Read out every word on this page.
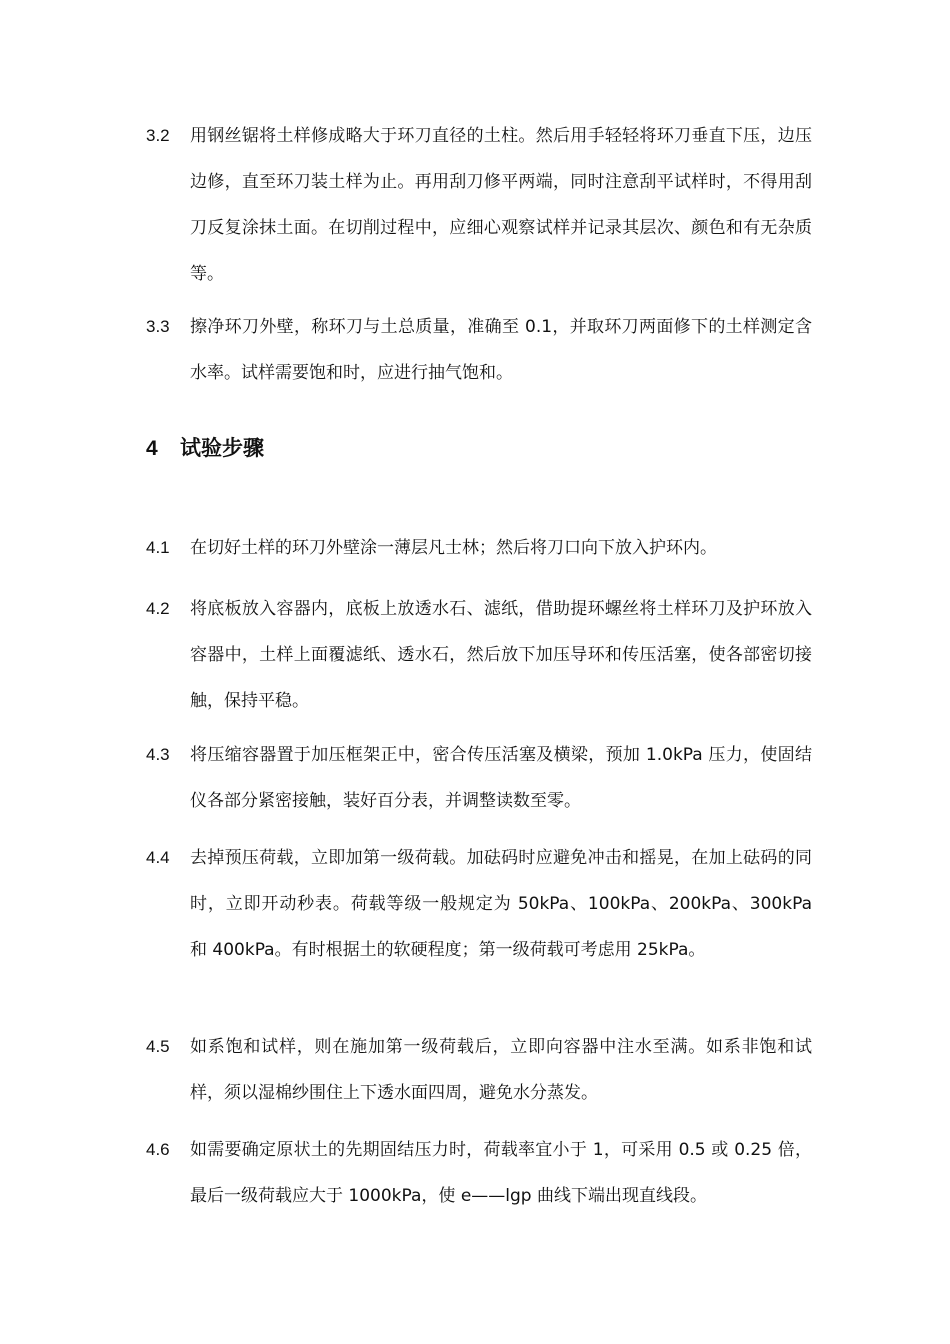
3.2	用钢丝锯将土样修成略大于环刀直径的土柱。然后用手轻轻将环刀垂直下压，边压边修，直至环刀装土样为止。再用刮刀修平两端，同时注意刮平试样时，不得用刮刀反复涂抹土面。在切削过程中，应细心观察试样并记录其层次、颜色和有无杂质等。
3.3	擦净环刀外壁，称环刀与土总质量，准确至 0.1，并取环刀两面修下的土样测定含水率。试样需要饱和时，应进行抽气饱和。
4 试验步骤
4.1	在切好土样的环刀外壁涂一薄层凡士林；然后将刀口向下放入护环内。
4.2	将底板放入容器内，底板上放透水石、滤纸，借助提环螺丝将土样环刀及护环放入容器中，土样上面覆滤纸、透水石，然后放下加压导环和传压活塞，使各部密切接触，保持平稳。
4.3	将压缩容器置于加压框架正中，密合传压活塞及横梁，预加 1.0kPa 压力，使固结仪各部分紧密接触，装好百分表，并调整读数至零。
4.4	去掉预压荷载，立即加第一级荷载。加砝码时应避免冲击和摇晃，在加上砝码的同时，立即开动秒表。荷载等级一般规定为 50kPa、100kPa、200kPa、300kPa 和 400kPa。有时根据土的软硬程度；第一级荷载可考虑用 25kPa。
4.5	如系饱和试样，则在施加第一级荷载后，立即向容器中注水至满。如系非饱和试样，须以湿棉纱围住上下透水面四周，避免水分蒸发。
4.6	如需要确定原状土的先期固结压力时，荷载率宜小于 1，可采用 0.5 或 0.25 倍，最后一级荷载应大于 1000kPa，使 e——lgp 曲线下端出现直线段。
